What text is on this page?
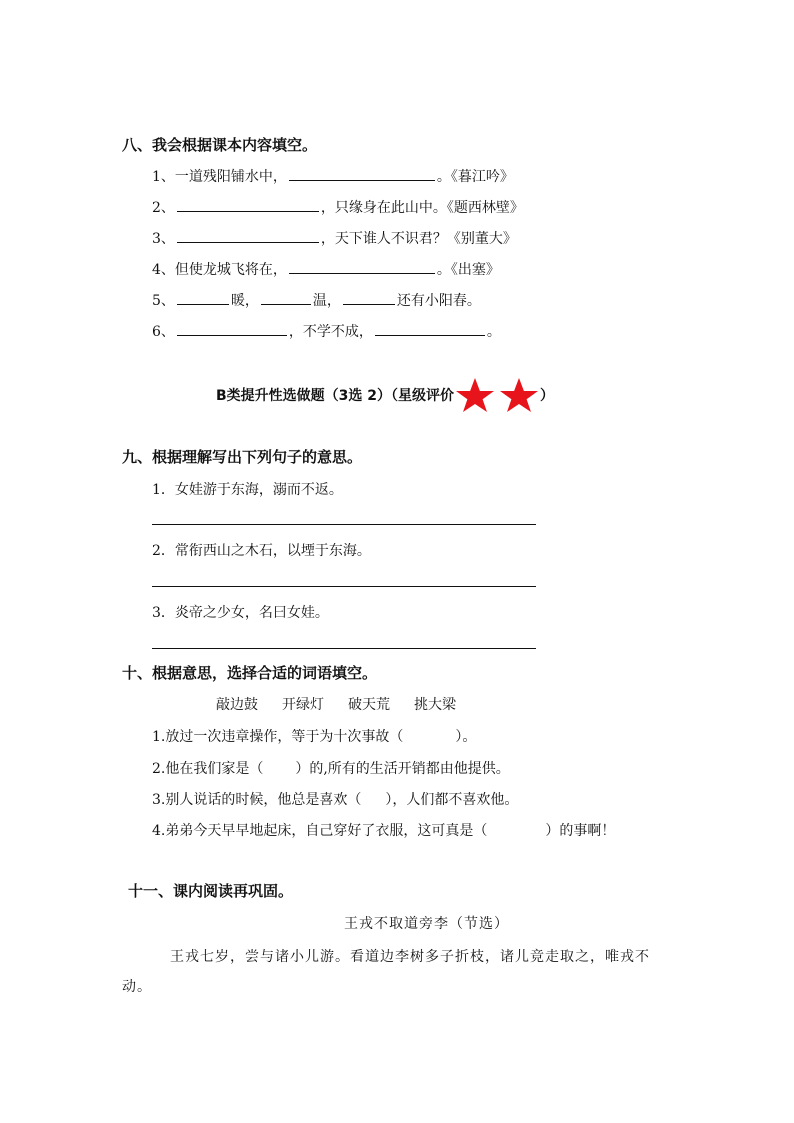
八、我会根据课本内容填空。
1、一道残阳铺水中，	。《暮江吟》
2、	，只缘身在此山中。《题西林壁》
3、	，天下谁人不识君？《别董大》
4、但使龙城飞将在，	。《出塞》
5、	暖，	温，	还有小阳春。
6、	，不学不成，	。
B类提升性选做题（3选 2）（星级评价	）
九、根据理解写出下列句子的意思。
1．女娃游于东海，溺而不返。
2．常衔西山之木石，以堙于东海。
3．炎帝之少女，名曰女娃。
十、根据意思，选择合适的词语填空。
敲边鼓 开绿灯 破天荒 挑大梁
1.放过一次违章操作，等于为十次事故（	）。
2.他在我们家是（ ）的,所有的生活开销都由他提供。
3.别人说话的时候，他总是喜欢（ ），人们都不喜欢他。
4.弟弟今天早早地起床，自己穿好了衣服，这可真是（	）的事啊！
十一、课内阅读再巩固。
王戎不取道旁李（节选）
王戎七岁，尝与诸小儿游。看道边李树多子折枝，诸儿竞走取之，唯戎不
动。
